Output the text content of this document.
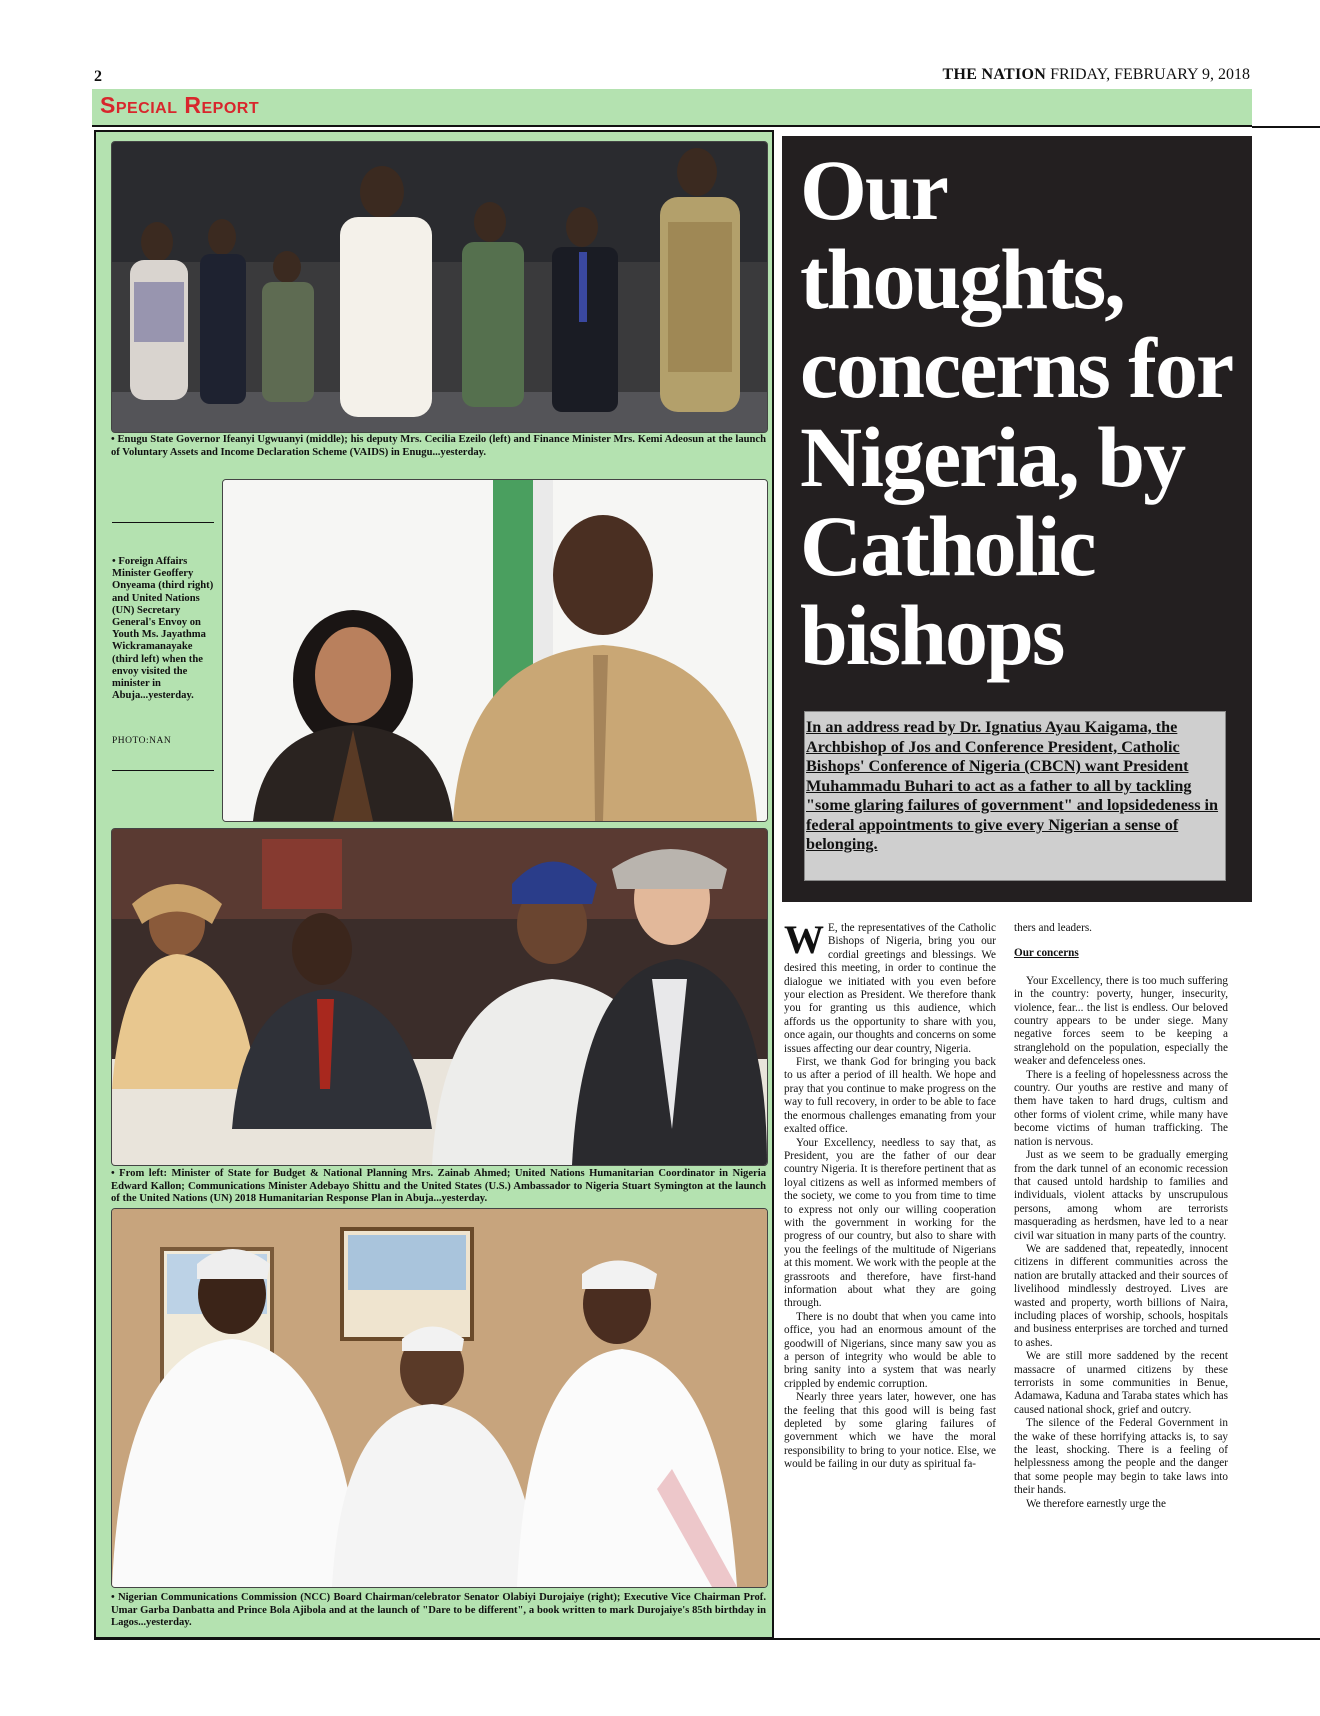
2	THE NATION FRIDAY, FEBRUARY 9, 2018
Special Report
• Enugu State Governor Ifeanyi Ugwuanyi (middle); his deputy Mrs. Cecilia Ezeilo (left) and Finance Minister Mrs. Kemi Adeosun at the launch of Voluntary Assets and Income Declaration Scheme (VAIDS) in Enugu...yesterday.
• Foreign Affairs Minister Geoffery Onyeama (third right) and United Nations (UN) Secretary General's Envoy on Youth Ms. Jayathma Wickramanayake (third left) when the envoy visited the minister in Abuja...yesterday.
PHOTO:NAN
• From left: Minister of State for Budget & National Planning Mrs. Zainab Ahmed; United Nations Humanitarian Coordinator in Nigeria Edward Kallon; Communications Minister Adebayo Shittu and the United States (U.S.) Ambassador to Nigeria Stuart Symington at the launch of the United Nations (UN) 2018 Humanitarian Response Plan in Abuja...yesterday.
• Nigerian Communications Commission (NCC) Board Chairman/celebrator Senator Olabiyi Durojaiye (right); Executive Vice Chairman Prof. Umar Garba Danbatta and Prince Bola Ajibola and at the launch of "Dare to be different", a book written to mark Durojaiye's 85th birthday in Lagos...yesterday.
Our thoughts, concerns for Nigeria, by Catholic bishops
In an address read by Dr. Ignatius Ayau Kaigama, the Archbishop of Jos and Conference President, Catholic Bishops' Conference of Nigeria (CBCN) want President Muhammadu Buhari to act as a father to all by tackling "some glaring failures of government" and lopsidedeness in federal appointments to give every Nigerian a sense of belonging.

W E, the representatives of the Catholic Bishops of Nigeria, bring you our cordial greetings and blessings. We desired this meeting, in order to continue the dialogue we initiated with you even before your election as President. We therefore thank you for granting us this audience, which affords us the opportunity to share with you, once again, our thoughts and concerns on some issues affecting our dear country, Nigeria.

First, we thank God for bringing you back to us after a period of ill health. We hope and pray that you continue to make progress on the way to full recovery, in order to be able to face the enormous challenges emanating from your exalted office.

Your Excellency, needless to say that, as President, you are the father of our dear country Nigeria. It is therefore pertinent that as loyal citizens as well as informed members of the society, we come to you from time to time to express not only our willing cooperation with the government in working for the progress of our country, but also to share with you the feelings of the multitude of Nigerians at this moment. We work with the people at the grassroots and therefore, have first-hand information about what they are going through.

There is no doubt that when you came into office, you had an enormous amount of the goodwill of Nigerians, since many saw you as a person of integrity who would be able to bring sanity into a system that was nearly crippled by endemic corruption.

Nearly three years later, however, one has the feeling that this good will is being fast depleted by some glaring failures of government which we have the moral responsibility to bring to your notice. Else, we would be failing in our duty as spiritual fa-

thers and leaders.

Our concerns

Your Excellency, there is too much suffering in the country: poverty, hunger, insecurity, violence, fear... the list is endless. Our beloved country appears to be under siege. Many negative forces seem to be keeping a stranglehold on the population, especially the weaker and defenceless ones.

There is a feeling of hopelessness across the country. Our youths are restive and many of them have taken to hard drugs, cultism and other forms of violent crime, while many have become victims of human trafficking. The nation is nervous.

Just as we seem to be gradually emerging from the dark tunnel of an economic recession that caused untold hardship to families and individuals, violent attacks by unscrupulous persons, among whom are terrorists masquerading as herdsmen, have led to a near civil war situation in many parts of the country.

We are saddened that, repeatedly, innocent citizens in different communities across the nation are brutally attacked and their sources of livelihood mindlessly destroyed. Lives are wasted and property, worth billions of Naira, including places of worship, schools, hospitals and business enterprises are torched and turned to ashes.

We are still more saddened by the recent massacre of unarmed citizens by these terrorists in some communities in Benue, Adamawa, Kaduna and Taraba states which has caused national shock, grief and outcry.

The silence of the Federal Government in the wake of these horrifying attacks is, to say the least, shocking. There is a feeling of helplessness among the people and the danger that some people may begin to take laws into their hands.

We therefore earnestly urge the
